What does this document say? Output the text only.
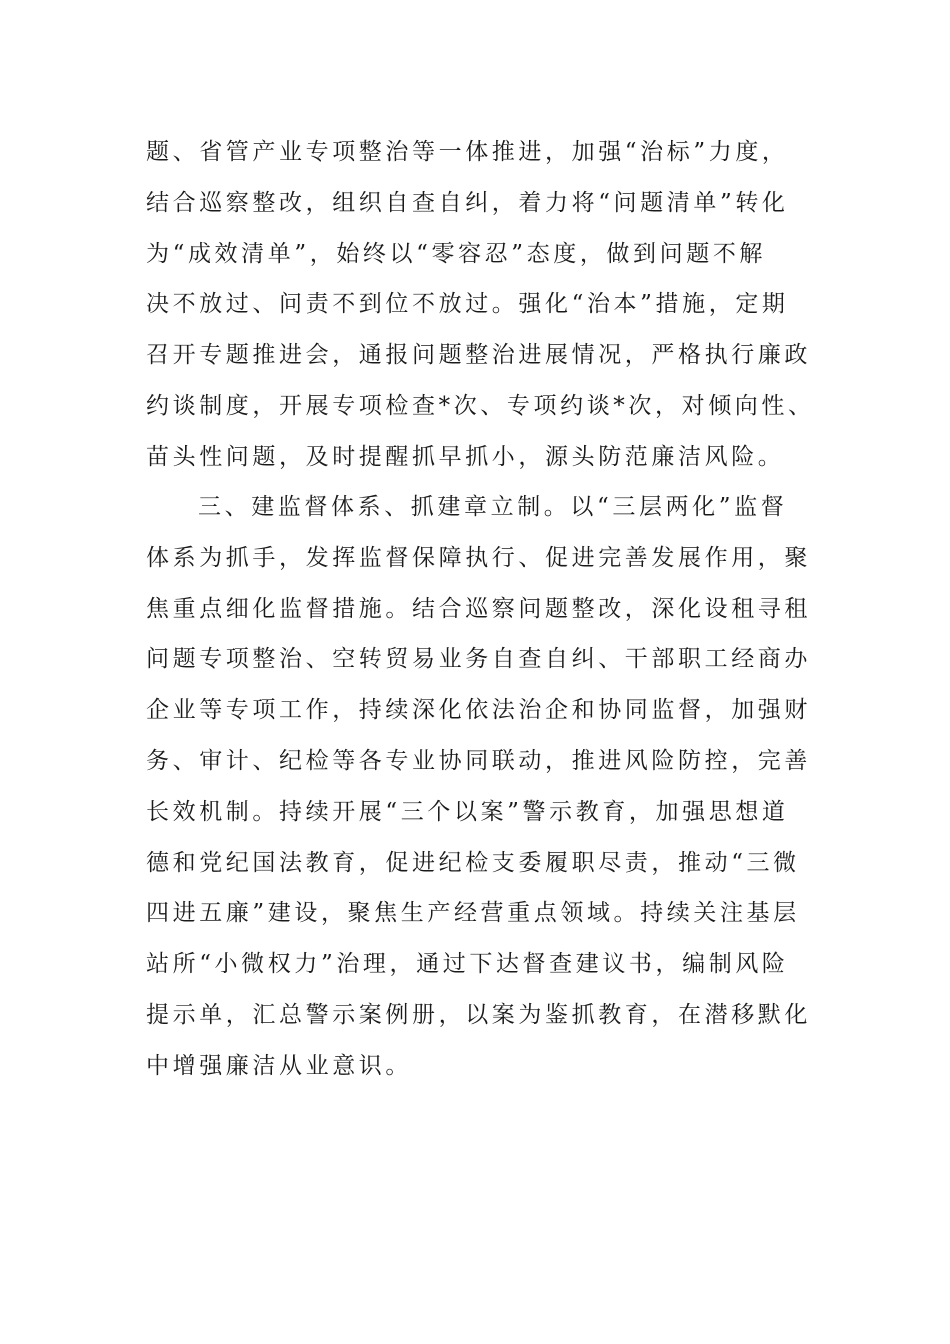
题、省管产业专项整治等一体推进，加强“治标”力度，
结合巡察整改，组织自查自纠，着力将“问题清单”转化
为“成效清单”，始终以“零容忍”态度，做到问题不解
决不放过、问责不到位不放过。强化“治本”措施，定期
召开专题推进会，通报问题整治进展情况，严格执行廉政
约谈制度，开展专项检查*次、专项约谈*次，对倾向性、
苗头性问题，及时提醒抓早抓小，源头防范廉洁风险。
三、建监督体系、抓建章立制。以“三层两化”监督
体系为抓手，发挥监督保障执行、促进完善发展作用，聚
焦重点细化监督措施。结合巡察问题整改，深化设租寻租
问题专项整治、空转贸易业务自查自纠、干部职工经商办
企业等专项工作，持续深化依法治企和协同监督，加强财
务、审计、纪检等各专业协同联动，推进风险防控，完善
长效机制。持续开展“三个以案”警示教育，加强思想道
德和党纪国法教育，促进纪检支委履职尽责，推动“三微
四进五廉”建设，聚焦生产经营重点领域。持续关注基层
站所“小微权力”治理，通过下达督查建议书，编制风险
提示单，汇总警示案例册，以案为鉴抓教育，在潜移默化
中增强廉洁从业意识。
